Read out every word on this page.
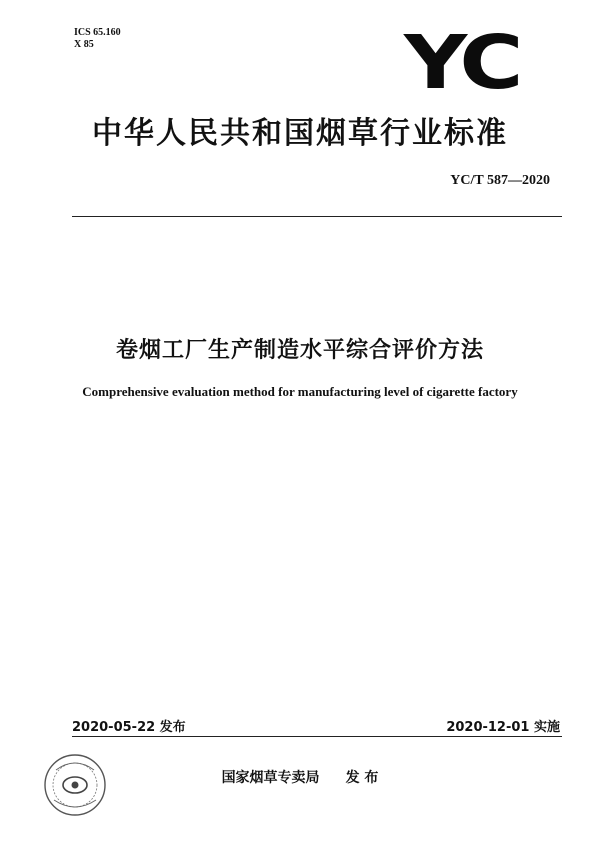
ICS 65.160
X 85	YC
中华人民共和国烟草行业标准
YC/T 587—2020
卷烟工厂生产制造水平综合评价方法
Comprehensive evaluation method for manufacturing level of cigarette factory
2020-05-22 发布	2020-12-01 实施
国家烟草专卖局 发 布
